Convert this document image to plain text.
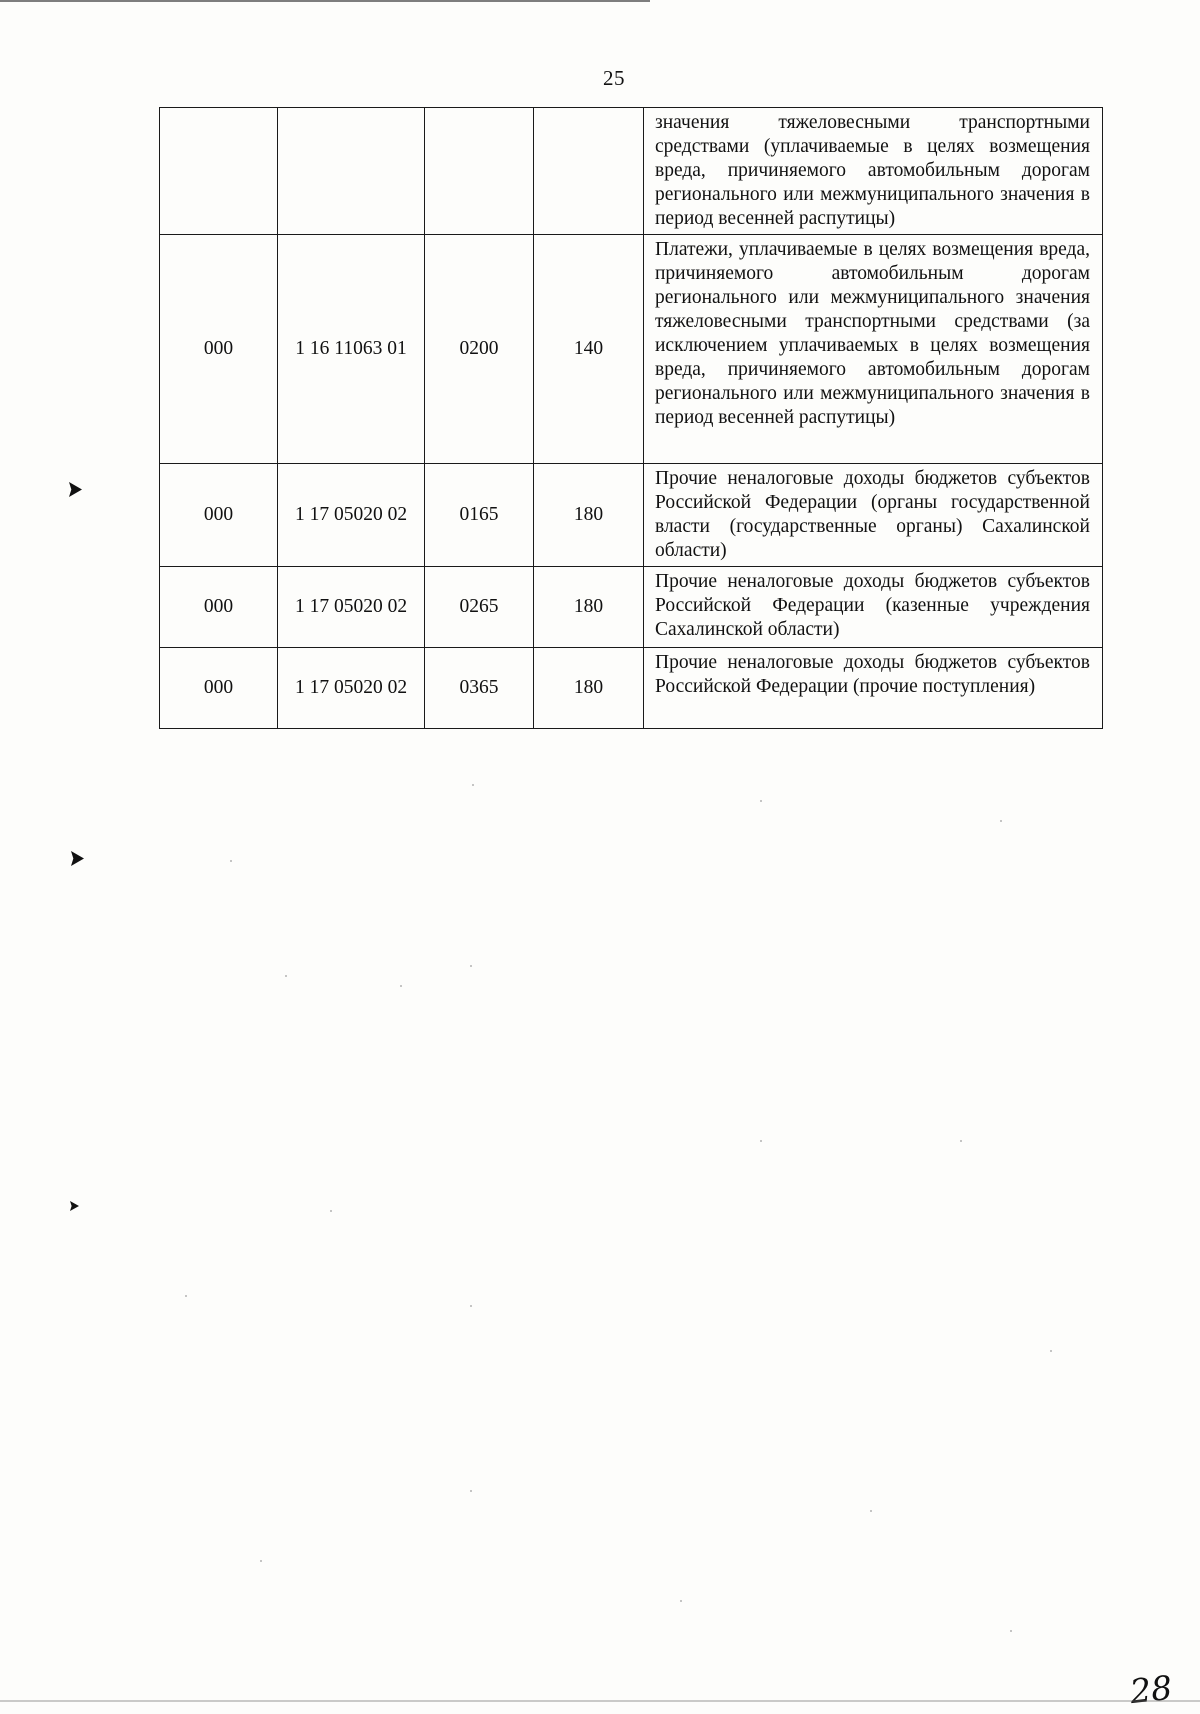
25
				значения тяжеловесными транспортными средствами (уплачиваемые в целях возмещения вреда, причиняемого автомобильным дорогам регионального или межмуниципального значения в период весенней распутицы)
000	1 16 11063 01	0200	140	Платежи, уплачиваемые в целях возмещения вреда, причиняемого автомобильным дорогам регионального или межмуниципального значения тяжеловесными транспортными средствами (за исключением уплачиваемых в целях возмещения вреда, причиняемого автомобильным дорогам регионального или межмуниципального значения в период весенней распутицы)
000	1 17 05020 02	0165	180	Прочие неналоговые доходы бюджетов субъектов Российской Федерации (органы государственной власти (государственные органы) Сахалинской области)
000	1 17 05020 02	0265	180	Прочие неналоговые доходы бюджетов субъектов Российской Федерации (казенные учреждения Сахалинской области)
000	1 17 05020 02	0365	180	Прочие неналоговые доходы бюджетов субъектов Российской Федерации (прочие поступления)
28
